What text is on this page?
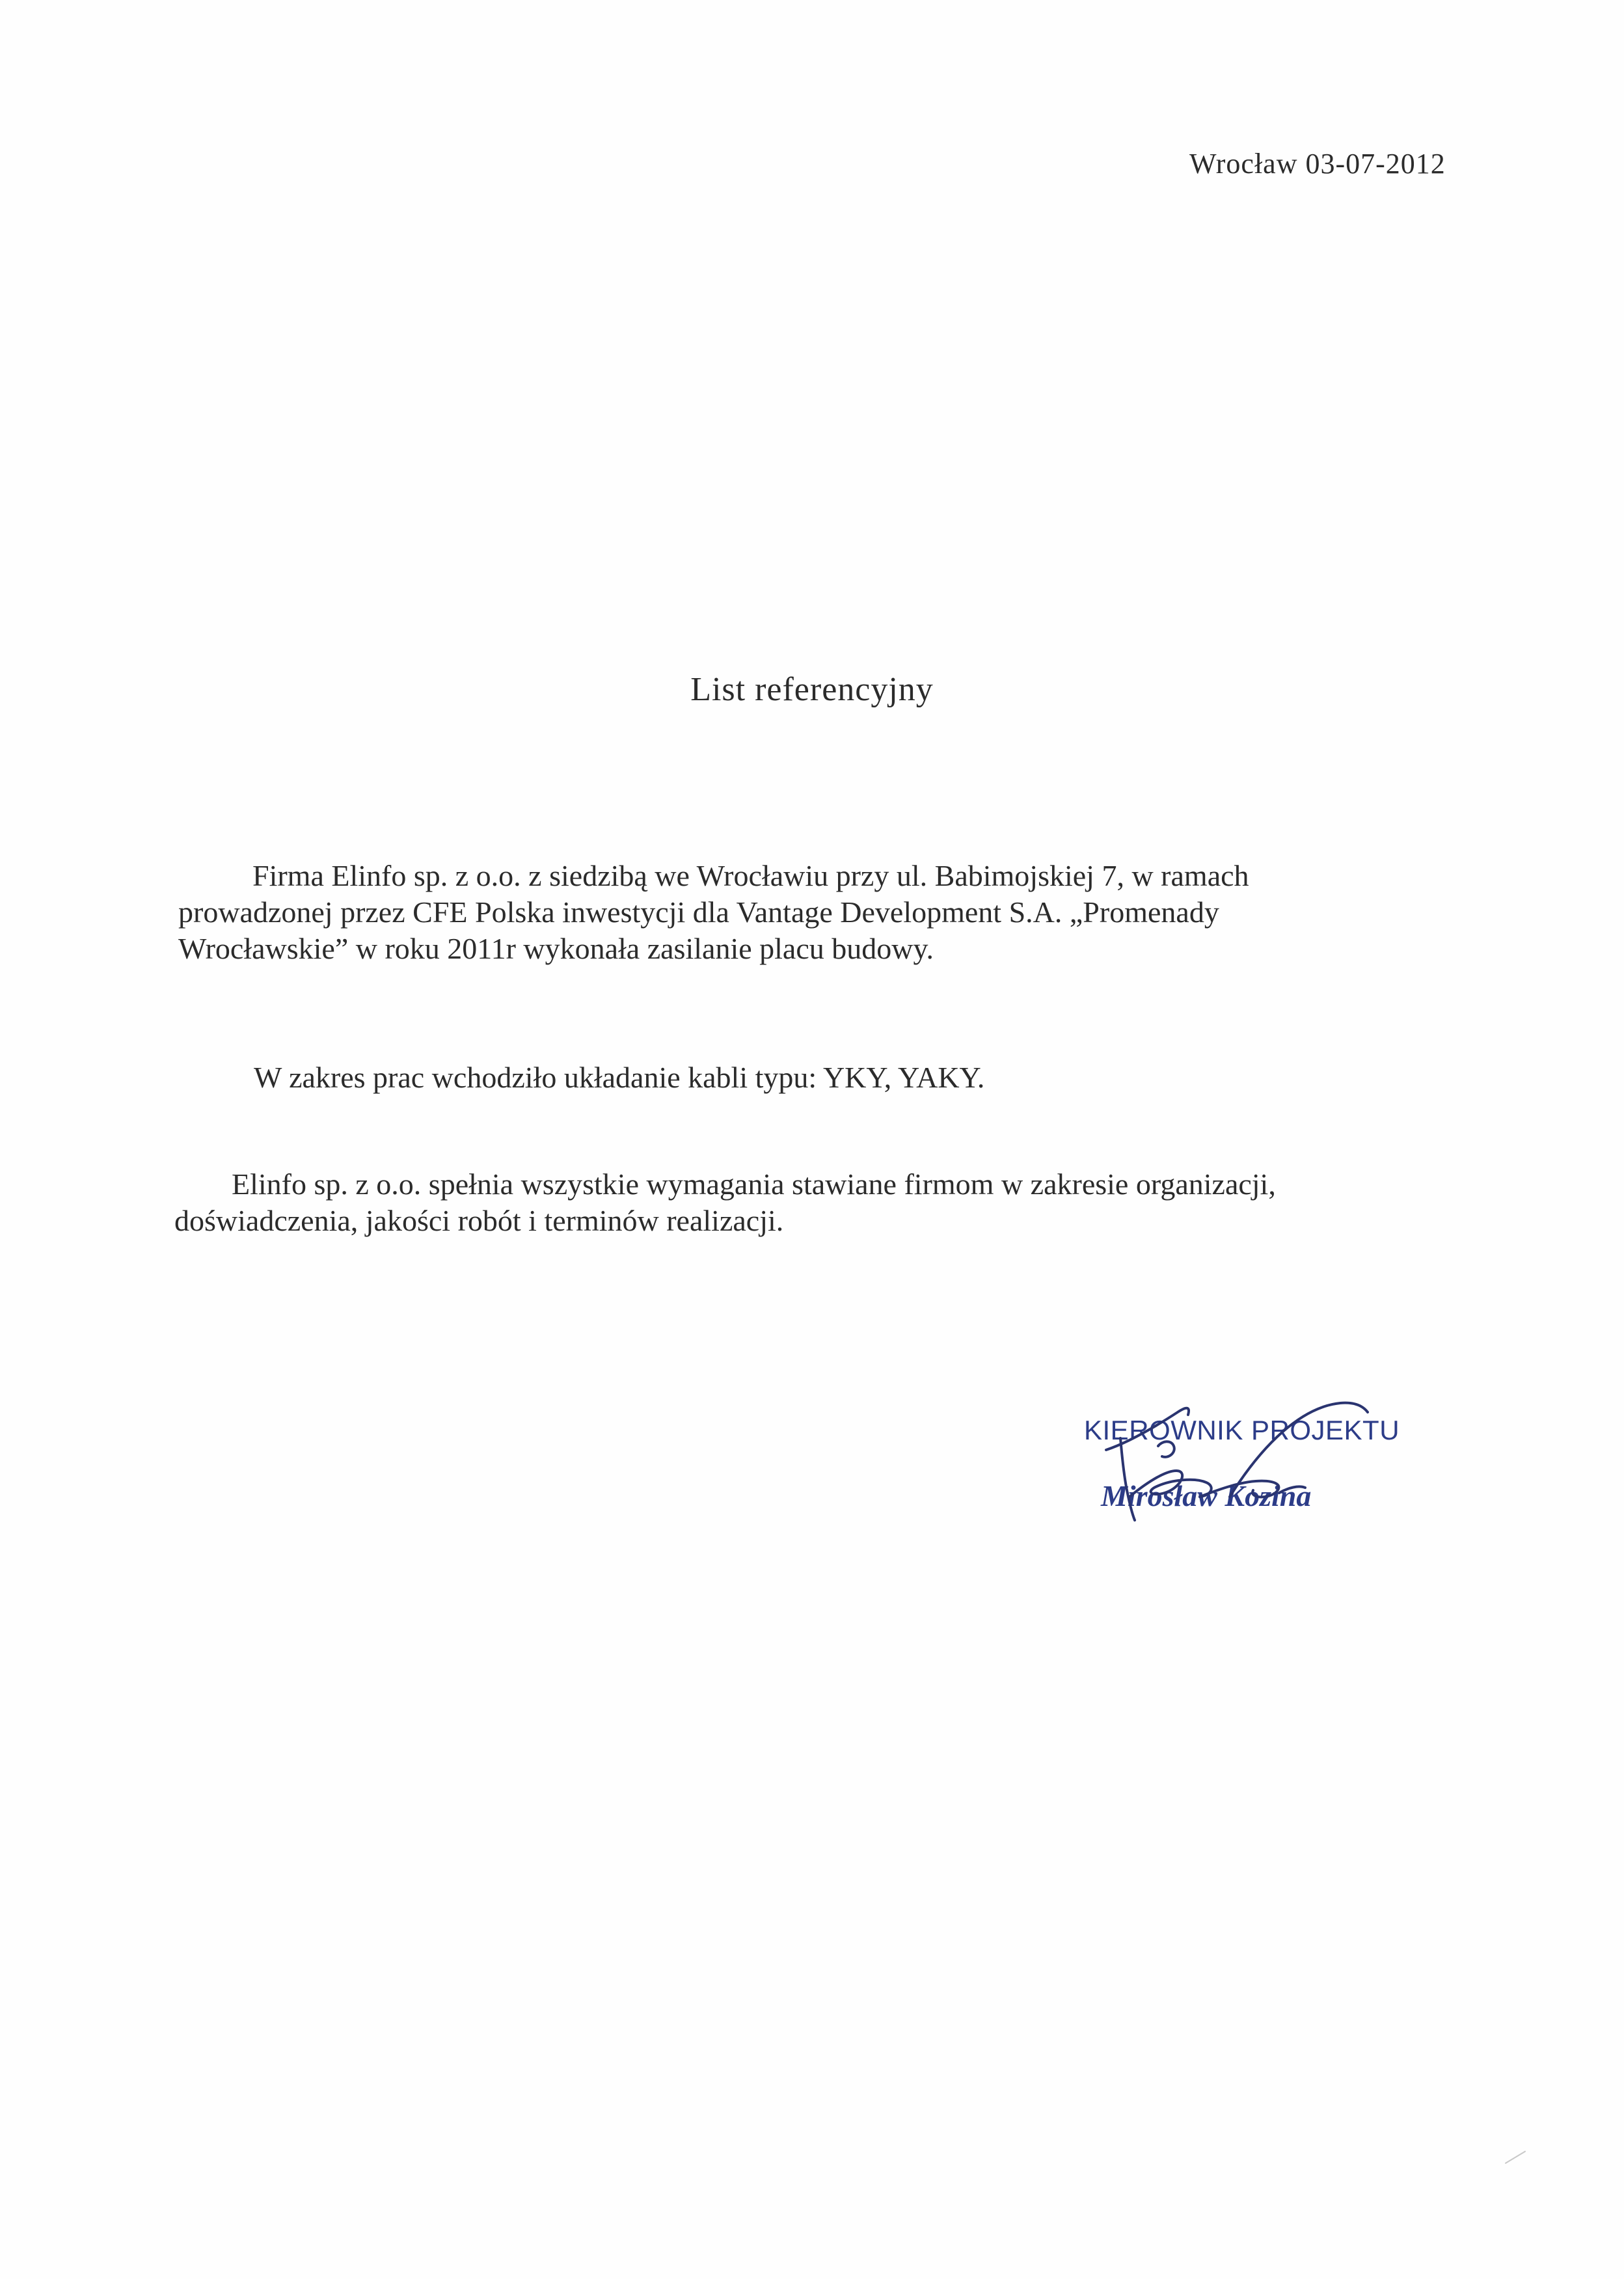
Wrocław 03-07-2012
List referencyjny
Firma Elinfo sp. z o.o. z siedzibą we Wrocławiu przy ul. Babimojskiej 7, w ramach
prowadzonej przez CFE Polska inwestycji dla Vantage Development S.A. „Promenady
Wrocławskie” w roku 2011r wykonała zasilanie placu budowy.
W zakres prac wchodziło układanie kabli typu: YKY, YAKY.
Elinfo sp. z o.o. spełnia wszystkie wymagania stawiane firmom w zakresie organizacji,
doświadczenia, jakości robót i terminów realizacji.
KIEROWNIK PROJEKTU
Mirosław Kozina
